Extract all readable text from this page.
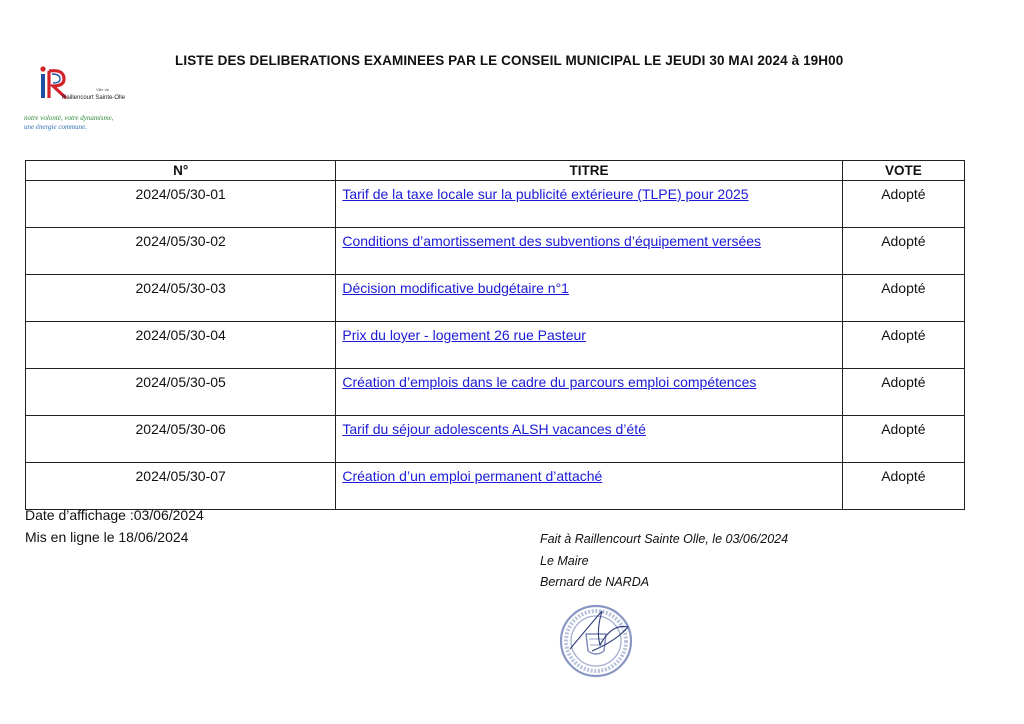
Ville de
Raillencourt Sainte-Olle
notre volonté, votre dynamisme,
une énergie commune.
LISTE DES DELIBERATIONS EXAMINEES PAR LE CONSEIL MUNICIPAL LE JEUDI 30 MAI 2024 à 19H00
N°	TITRE	VOTE
2024/05/30-01	Tarif de la taxe locale sur la publicité extérieure (TLPE) pour 2025	Adopté
2024/05/30-02	Conditions d’amortissement des subventions d’équipement versées	Adopté
2024/05/30-03	Décision modificative budgétaire n°1	Adopté
2024/05/30-04	Prix du loyer - logement 26 rue Pasteur	Adopté
2024/05/30-05	Création d’emplois dans le cadre du parcours emploi compétences	Adopté
2024/05/30-06	Tarif du séjour adolescents ALSH vacances d’été	Adopté
2024/05/30-07	Création d’un emploi permanent d’attaché	Adopté
Date d’affichage :03/06/2024
Mis en ligne le 18/06/2024	Fait à Raillencourt Sainte Olle, le 03/06/2024
Le Maire
Bernard de NARDA
